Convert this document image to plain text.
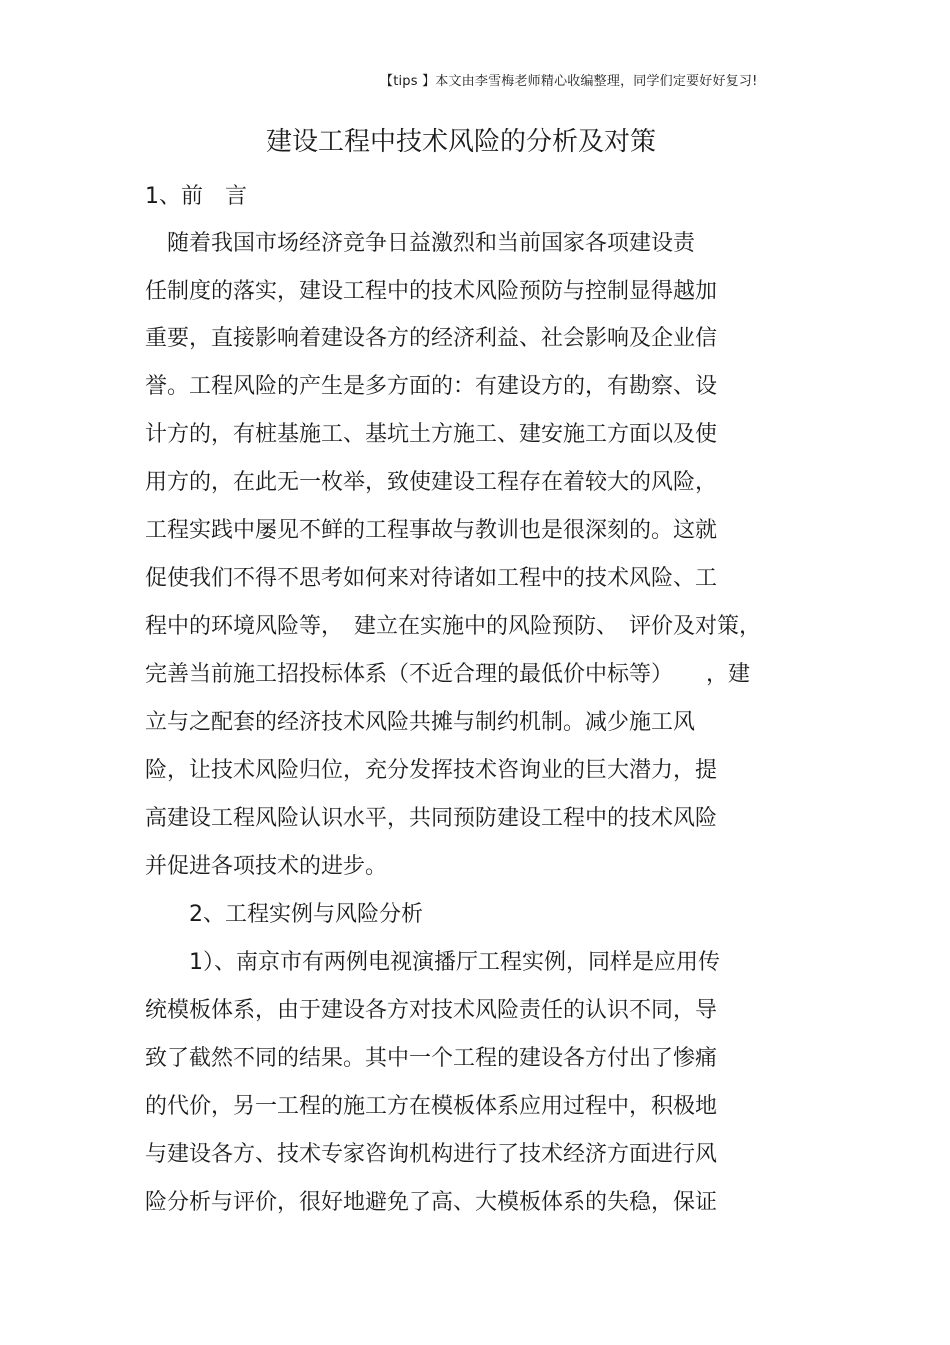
【tips 】本文由李雪梅老师精心收编整理，同学们定要好好复习!
建设工程中技术风险的分析及对策
1、前　言
　随着我国市场经济竞争日益激烈和当前国家各项建设责
任制度的落实，建设工程中的技术风险预防与控制显得越加
重要，直接影响着建设各方的经济利益、社会影响及企业信
誉。工程风险的产生是多方面的：有建设方的，有勘察、设
计方的，有桩基施工、基坑土方施工、建安施工方面以及使
用方的，在此无一枚举，致使建设工程存在着较大的风险，
工程实践中屡见不鲜的工程事故与教训也是很深刻的。这就
促使我们不得不思考如何来对待诸如工程中的技术风险、工
程中的环境风险等，　建立在实施中的风险预防、　评价及对策，
完善当前施工招投标体系（不近合理的最低价中标等）　　，建
立与之配套的经济技术风险共摊与制约机制。减少施工风
险，让技术风险归位，充分发挥技术咨询业的巨大潜力，提
高建设工程风险认识水平，共同预防建设工程中的技术风险
并促进各项技术的进步。
　　2、工程实例与风险分析
　　1）、南京市有两例电视演播厅工程实例，同样是应用传
统模板体系，由于建设各方对技术风险责任的认识不同，导
致了截然不同的结果。其中一个工程的建设各方付出了惨痛
的代价，另一工程的施工方在模板体系应用过程中，积极地
与建设各方、技术专家咨询机构进行了技术经济方面进行风
险分析与评价，很好地避免了高、大模板体系的失稳，保证
